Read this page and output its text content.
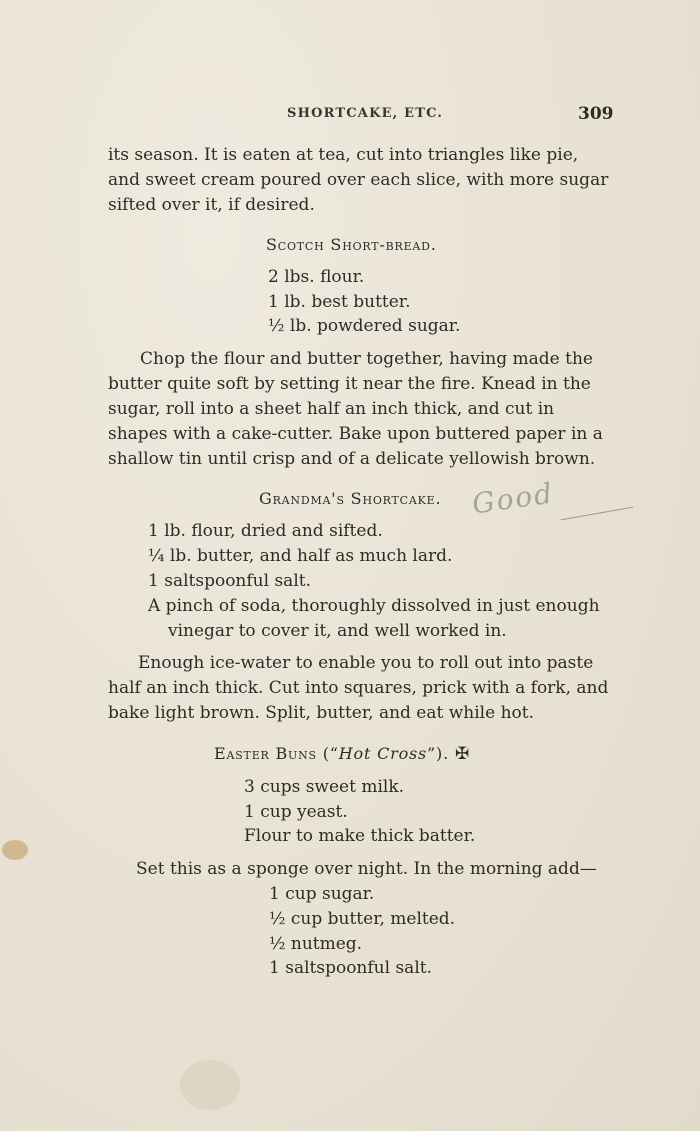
SHORTCAKE, ETC.	309
its season. It is eaten at tea, cut into triangles like pie,
and sweet cream poured over each slice, with more sugar
sifted over it, if desired.
Scotch Short-bread.
2 lbs. flour.
1 lb. best butter.
½ lb. powdered sugar.
Chop the flour and butter together, having made the
butter quite soft by setting it near the fire. Knead in the
sugar, roll into a sheet half an inch thick, and cut in
shapes with a cake-cutter. Bake upon buttered paper in a
shallow tin until crisp and of a delicate yellowish brown.
Grandma's Shortcake. Good
1 lb. flour, dried and sifted.
¼ lb. butter, and half as much lard.
1 saltspoonful salt.
A pinch of soda, thoroughly dissolved in just enough
vinegar to cover it, and well worked in.
Enough ice-water to enable you to roll out into paste
half an inch thick. Cut into squares, prick with a fork, and
bake light brown. Split, butter, and eat while hot.
Easter Buns (“Hot Cross”). ✠
3 cups sweet milk.
1 cup yeast.
Flour to make thick batter.
Set this as a sponge over night. In the morning add—
1 cup sugar.
½ cup butter, melted.
½ nutmeg.
1 saltspoonful salt.
